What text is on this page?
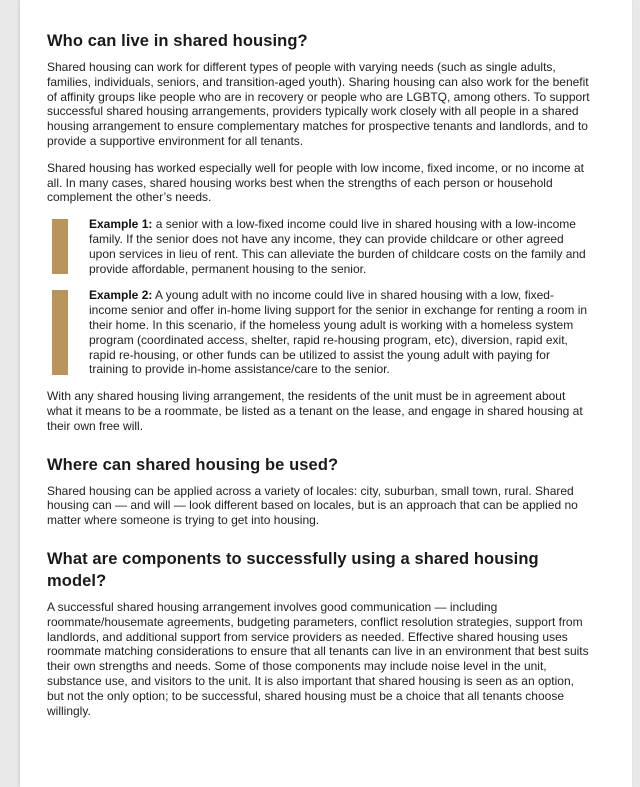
Who can live in shared housing?

Shared housing can work for different types of people with varying needs (such as single adults, families, individuals, seniors, and transition-aged youth). Sharing housing can also work for the benefit of affinity groups like people who are in recovery or people who are LGBTQ, among others. To support successful shared housing arrangements, providers typically work closely with all people in a shared housing arrangement to ensure complementary matches for prospective tenants and landlords, and to provide a supportive environment for all tenants.

Shared housing has worked especially well for people with low income, fixed income, or no income at all. In many cases, shared housing works best when the strengths of each person or household complement the other’s needs.

Example 1: a senior with a low-fixed income could live in shared housing with a low-income family. If the senior does not have any income, they can provide childcare or other agreed upon services in lieu of rent. This can alleviate the burden of childcare costs on the family and provide affordable, permanent housing to the senior.

Example 2: A young adult with no income could live in shared housing with a low, fixed-income senior and offer in-home living support for the senior in exchange for renting a room in their home. In this scenario, if the homeless young adult is working with a homeless system program (coordinated access, shelter, rapid re-housing program, etc), diversion, rapid exit, rapid re-housing, or other funds can be utilized to assist the young adult with paying for training to provide in-home assistance/care to the senior.

With any shared housing living arrangement, the residents of the unit must be in agreement about what it means to be a roommate, be listed as a tenant on the lease, and engage in shared housing at their own free will.

Where can shared housing be used?

Shared housing can be applied across a variety of locales: city, suburban, small town, rural. Shared housing can — and will — look different based on locales, but is an approach that can be applied no matter where someone is trying to get into housing.

What are components to successfully using a shared housing model?

A successful shared housing arrangement involves good communication — including roommate/housemate agreements, budgeting parameters, conflict resolution strategies, support from landlords, and additional support from service providers as needed. Effective shared housing uses roommate matching considerations to ensure that all tenants can live in an environment that best suits their own strengths and needs. Some of those components may include noise level in the unit, substance use, and visitors to the unit. It is also important that shared housing is seen as an option, but not the only option; to be successful, shared housing must be a choice that all tenants choose willingly.
